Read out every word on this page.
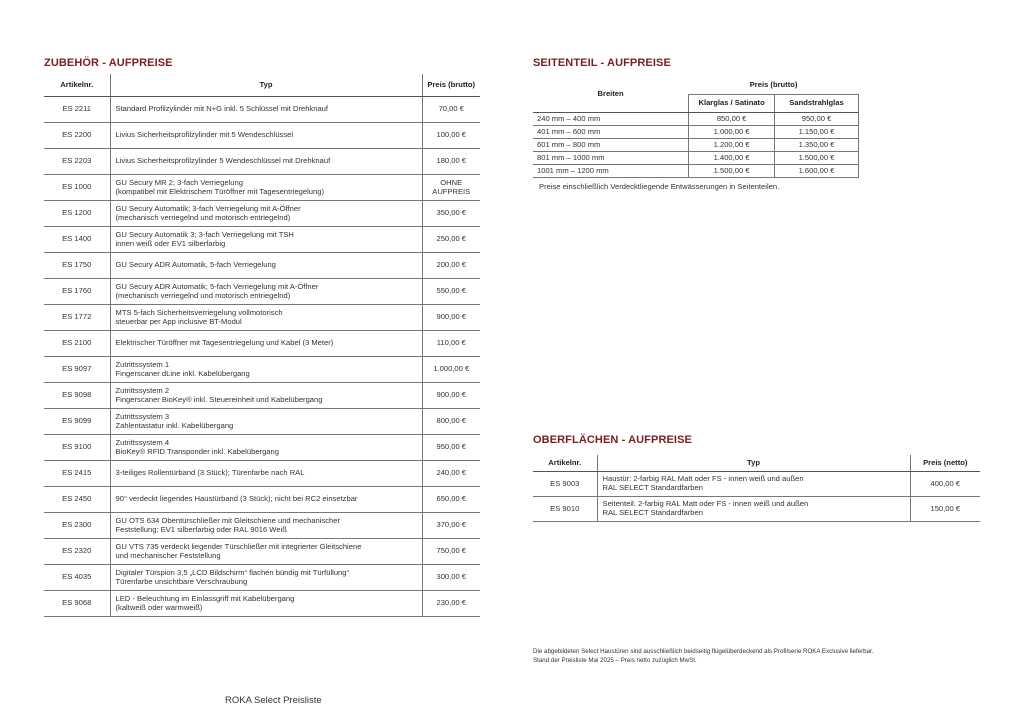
ZUBEHÖR - AUFPREISE
Artikelnr.	Typ	Preis (brutto)
ES 2211	Standard Profilzylinder mit N+G inkl. 5 Schlüssel mit Drehknauf	70,00 €
ES 2200	Livius Sicherheitsprofilzylinder mit 5 Wendeschlüssel	100,00 €
ES 2203	Livius Sicherheitsprofilzylinder 5 Wendeschlüssel mit Drehknauf	180,00 €
ES 1000	GU Secury MR 2; 3-fach Verriegelung
(kompatibel mit Elektrischem Türöffner mit Tagesentriegelung)	OHNE
AUFPREIS
ES 1200	GU Secury Automatik; 3-fach Verriegelung mit A-Öffner
(mechanisch verriegelnd und motorisch entriegelnd)	350,00 €
ES 1400	GU Secury Automatik 3; 3-fach Verriegelung mit TSH
innen weiß oder EV1 silberfarbig	250,00 €
ES 1750	GU Secury ADR Automatik, 5-fach Verriegelung	200,00 €
ES 1760	GU Secury ADR Automatik; 5-fach Verriegelung mit A-Öffner
(mechanisch verriegelnd und motorisch entriegelnd)	550,00 €
ES 1772	MTS 5-fach Sicherheitsverriegelung vollmotorisch
steuerbar per App inclusive BT-Modul	900,00 €
ES 2100	Elektrischer Türöffner mit Tagesentriegelung und Kabel (3 Meter)	110,00 €
ES 9097	Zutrittssystem 1
Fingerscaner dLine inkl. Kabelübergang	1.000,00 €
ES 9098	Zutrittssystem 2
Fingerscaner BioKey® inkl. Steuereinheit und Kabelübergang	900,00 €
ES 9099	Zutrittssystem 3
Zahlentastatur inkl. Kabelübergang	800,00 €
ES 9100	Zutrittssystem 4
BioKey® RFID Transponder inkl. Kabelübergang	950,00 €
ES 2415	3-teiliges Rollentürband (3 Stück); Türenfarbe nach RAL	240,00 €
ES 2450	90° verdeckt liegendes Haustürband (3 Stück); nicht bei RC2 einsetzbar	650,00 €
ES 2300	GU OTS 634 Obentürschließer mit Gleitschiene und mechanischer
Feststellung; EV1 silberfarbig oder RAL 9016 Weiß	370,00 €
ES 2320	GU VTS 735 verdeckt liegender Türschließer mit integrierter Gleitschiene
und mechanischer Feststellung	750,00 €
ES 4035	Digitaler Türspion 3,5 „LCD Bildschirm“ flachen bündig mit Türfüllung“
Türenfarbe unsichtbare Verschraubung	300,00 €
ES 9068	LED - Beleuchtung im Einlassgriff mit Kabelübergang
(kaltweiß oder warmweiß)	230,00 €
SEITENTEIL - AUFPREISE
Breiten	Preis (brutto)	
	Klarglas / Satinato	Sandstrahlglas
240 mm – 400 mm	850,00 €	950,00 €
401 mm – 600 mm	1.000,00 €	1.150,00 €
601 mm – 800 mm	1.200,00 €	1.350,00 €
801 mm – 1000 mm	1.400,00 €	1.500,00 €
1001 mm – 1200 mm	1.500,00 €	1.600,00 €
Preise einschließlich Verdecktliegende Entwässerungen in Seitenteilen.
OBERFLÄCHEN - AUFPREISE
Artikelnr.	Typ	Preis (netto)
ES 9003	Haustür: 2-farbig RAL Matt oder FS - innen weiß und außen
RAL SELECT Standardfarben	400,00 €
ES 9010	Seitenteil: 2-farbig RAL Matt oder FS - innen weiß und außen
RAL SELECT Standardfarben	150,00 €
Die abgebildeten Select Haustüren sind ausschließlich beidseitig flügelüberdeckend als Profilserie ROKA Exclusive lieferbar.
Stand der Preisliste Mai 2025 – Preis netto zuzüglich MwSt.
ROKA Select Preisliste
